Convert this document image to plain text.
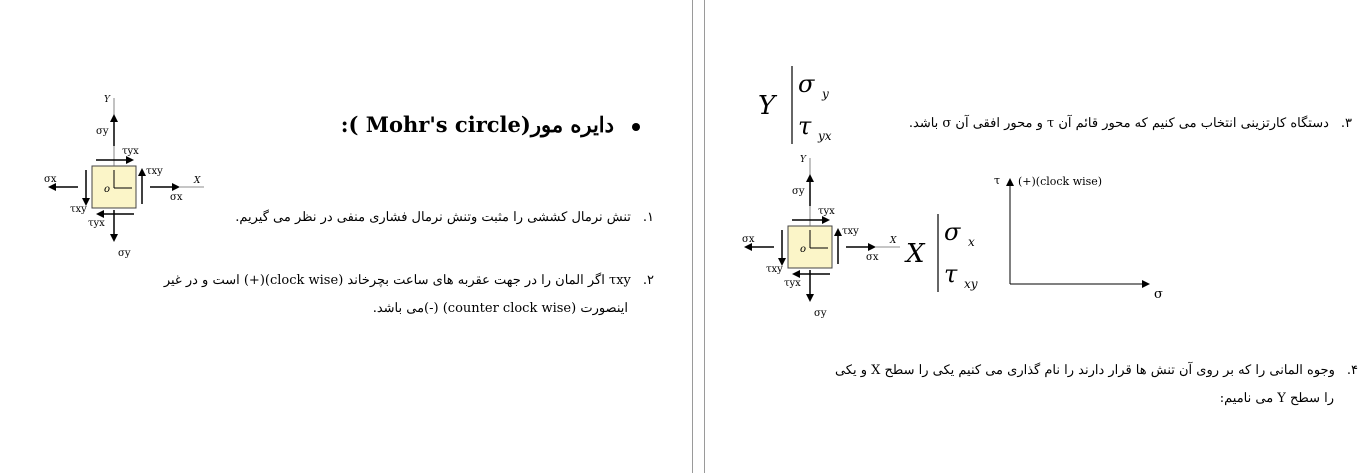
o
Y
σy
σy
σx
X
σx
τyx
τyx
τxy
τxy
دایره مور(Mohr's circle ):
۱.تنش نرمال کششی را مثبت وتنش نرمال فشاری منفی در نظر می گیریم.
۲.τxy اگر المان را در جهت عقربه های ساعت بچرخاند (clock wise)(+) است و در غیر
اینصورت (counter clock wise) (-)می باشد.
Y
σ y
τ yx
۳.دستگاه کارتزینی انتخاب می کنیم که محور قائم آن τ و محور افقی آن σ باشد.
o
Y
σy
σy
σx
X
σx
τyx
τyx
τxy
τxy
X
σ x
τ xy
τ (+)(clock wise)
σ
۴.وجوه المانی را که بر روی آن تنش ها قرار دارند را نام گذاری می کنیم یکی را سطح X و یکی
را سطح Y می نامیم:
